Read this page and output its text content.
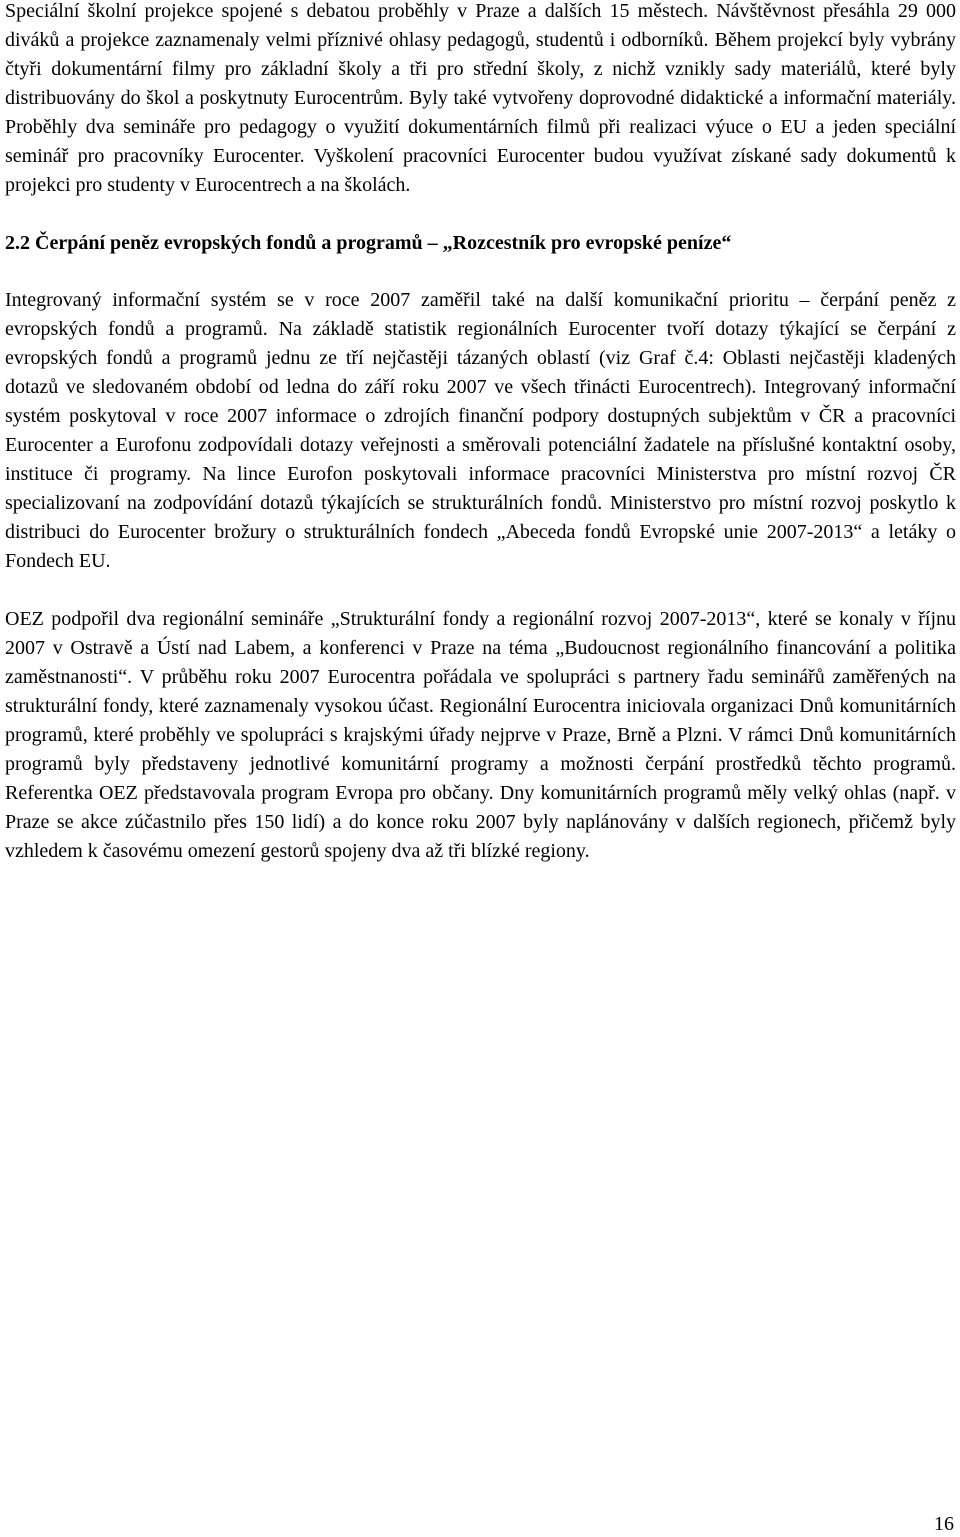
Speciální školní projekce spojené s debatou proběhly v Praze a dalších 15 městech. Návštěvnost přesáhla 29 000 diváků a projekce zaznamenaly velmi příznivé ohlasy pedagogů, studentů i odborníků. Během projekcí byly vybrány čtyři dokumentární filmy pro základní školy a tři pro střední školy, z nichž vznikly sady materiálů, které byly distribuovány do škol a poskytnuty Eurocentrům. Byly také vytvořeny doprovodné didaktické a informační materiály. Proběhly dva semináře pro pedagogy o využití dokumentárních filmů při realizaci výuce o EU a jeden speciální seminář pro pracovníky Eurocenter. Vyškolení pracovníci Eurocenter budou využívat získané sady dokumentů k projekci pro studenty v Eurocentrech a na školách.

2.2 Čerpání peněz evropských fondů a programů – „Rozcestník pro evropské peníze“

Integrovaný informační systém se v roce 2007 zaměřil také na další komunikační prioritu – čerpání peněz z evropských fondů a programů. Na základě statistik regionálních Eurocenter tvoří dotazy týkající se čerpání z evropských fondů a programů jednu ze tří nejčastěji tázaných oblastí (viz Graf č.4: Oblasti nejčastěji kladených dotazů ve sledovaném období od ledna do září roku 2007 ve všech třinácti Eurocentrech). Integrovaný informační systém poskytoval v roce 2007 informace o zdrojích finanční podpory dostupných subjektům v ČR a pracovníci Eurocenter a Eurofonu zodpovídali dotazy veřejnosti a směrovali potenciální žadatele na příslušné kontaktní osoby, instituce či programy. Na lince Eurofon poskytovali informace pracovníci Ministerstva pro místní rozvoj ČR specializovaní na zodpovídání dotazů týkajících se strukturálních fondů. Ministerstvo pro místní rozvoj poskytlo k distribuci do Eurocenter brožury o strukturálních fondech „Abeceda fondů Evropské unie 2007-2013“ a letáky o Fondech EU.

OEZ podpořil dva regionální semináře „Strukturální fondy a regionální rozvoj 2007-2013“, které se konaly v říjnu 2007 v Ostravě a Ústí nad Labem, a konferenci v Praze na téma „Budoucnost regionálního financování a politika zaměstnanosti“. V průběhu roku 2007 Eurocentra pořádala ve spolupráci s partnery řadu seminářů zaměřených na strukturální fondy, které zaznamenaly vysokou účast. Regionální Eurocentra iniciovala organizaci Dnů komunitárních programů, které proběhly ve spolupráci s krajskými úřady nejprve v Praze, Brně a Plzni. V rámci Dnů komunitárních programů byly představeny jednotlivé komunitární programy a možnosti čerpání prostředků těchto programů. Referentka OEZ představovala program Evropa pro občany. Dny komunitárních programů měly velký ohlas (např. v Praze se akce zúčastnilo přes 150 lidí) a do konce roku 2007 byly naplánovány v dalších regionech, přičemž byly vzhledem k časovému omezení gestorů spojeny dva až tři blízké regiony.

16
